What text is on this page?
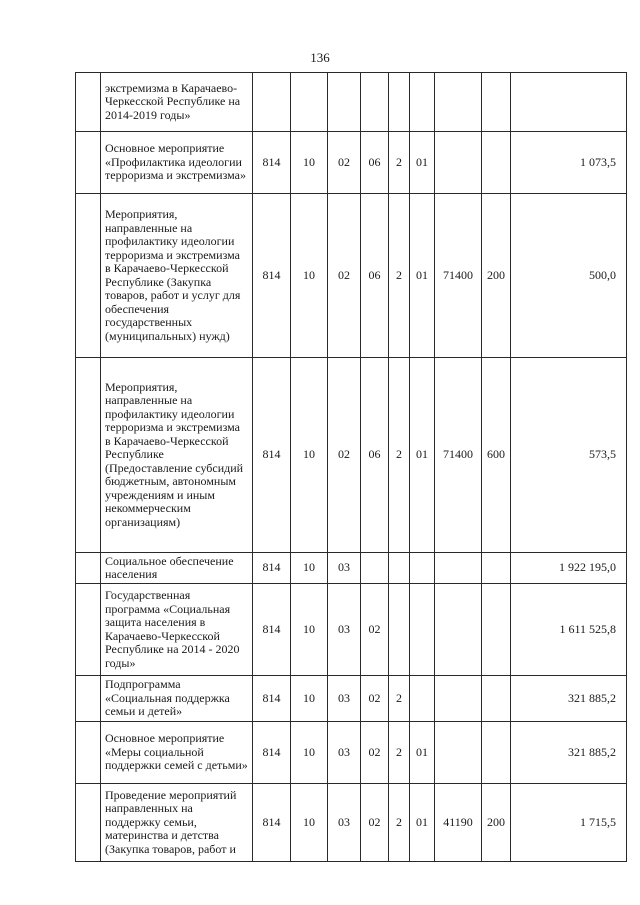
136
	экстремизма в Карачаево-Черкесской Республике на 2014-2019 годы»									
	Основное мероприятие «Профилактика идеологии терроризма и экстремизма»	814	10	02	06	2	01			1 073,5
	Мероприятия, направленные на профилактику идеологии терроризма и экстремизма в Карачаево-Черкесской Республике (Закупка товаров, работ и услуг для обеспечения государственных (муниципальных) нужд)	814	10	02	06	2	01	71400	200	500,0
	Мероприятия, направленные на профилактику идеологии терроризма и экстремизма в Карачаево-Черкесской Республике (Предоставление субсидий бюджетным, автономным учреждениям и иным некоммерческим организациям)	814	10	02	06	2	01	71400	600	573,5
	Социальное обеспечение населения	814	10	03						1 922 195,0
	Государственная программа «Социальная защита населения в Карачаево-Черкесской Республике на 2014 - 2020 годы»	814	10	03	02					1 611 525,8
	Подпрограмма «Социальная поддержка семьи и детей»	814	10	03	02	2				321 885,2
	Основное мероприятие «Меры социальной поддержки семей с детьми»	814	10	03	02	2	01			321 885,2
	Проведение мероприятий направленных на поддержку семьи, материнства и детства (Закупка товаров, работ и	814	10	03	02	2	01	41190	200	1 715,5
